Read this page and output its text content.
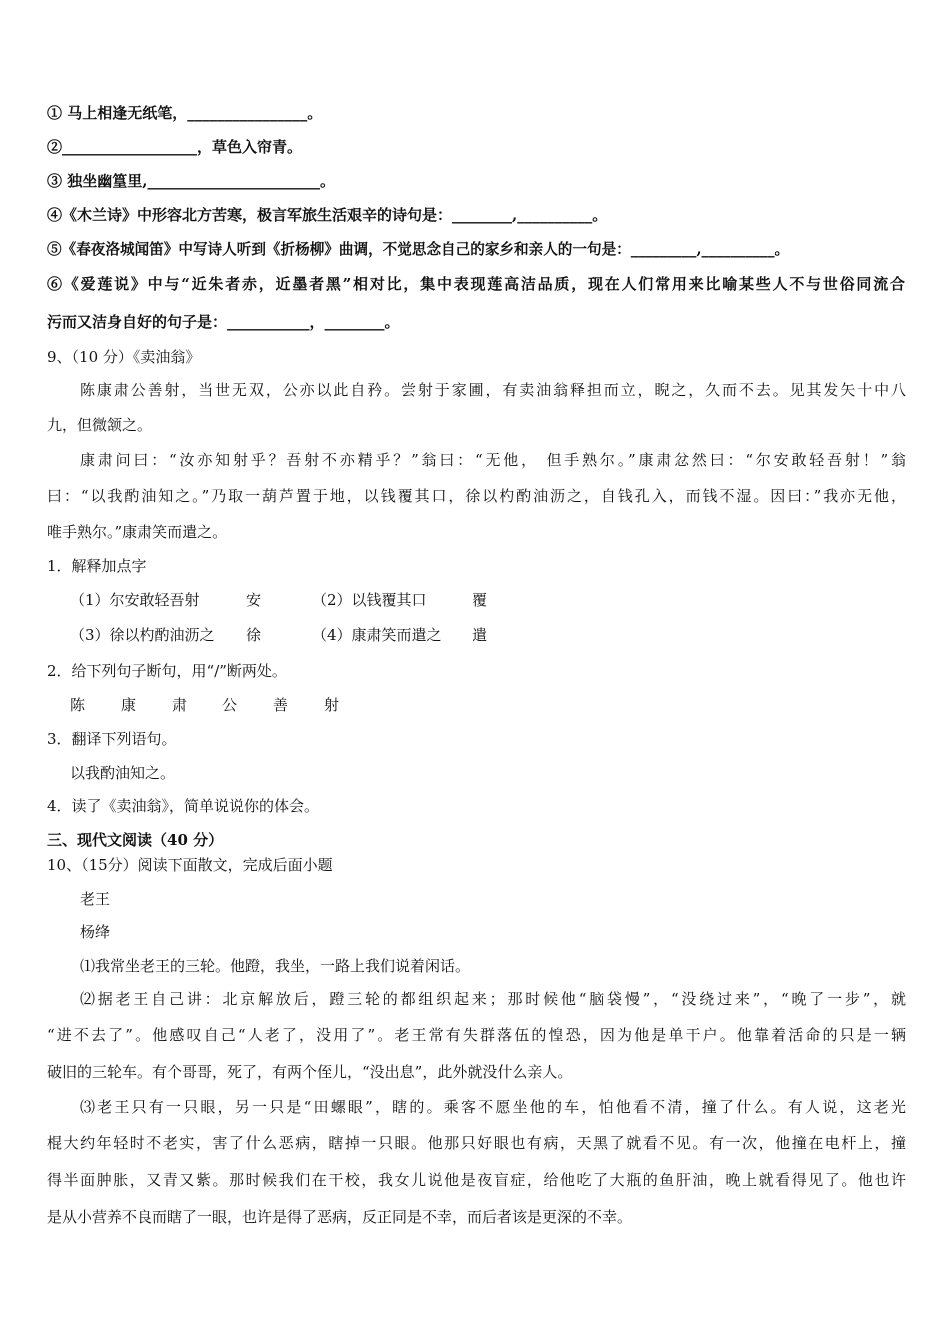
① 马上相逢无纸笔，________________。
②__________________，草色入帘青。
③ 独坐幽篁里,_______________________。
④《木兰诗》中形容北方苦寒，极言军旅生活艰辛的诗句是：________,__________。
⑤《春夜洛城闻笛》中写诗人听到《折杨柳》曲调，不觉思念自己的家乡和亲人的一句是：_________,__________。
⑥《爱莲说》中与“近朱者赤，近墨者黑”相对比，集中表现莲高洁品质，现在人们常用来比喻某些人不与世俗同流合
污而又洁身自好的句子是：___________，________。
9、（10 分）《卖油翁》
陈康肃公善射，当世无双，公亦以此自矜。尝射于家圃，有卖油翁释担而立，睨之，久而不去。见其发矢十中八
九，但微颔之。
康肃问曰：“汝亦知射乎？吾射不亦精乎？”翁曰：“无他， 但手熟尔。”康肃忿然曰：“尔安敢轻吾射！”翁
曰：“以我酌油知之。”乃取一葫芦置于地，以钱覆其口，徐以杓酌油沥之，自钱孔入，而钱不湿。因曰：”我亦无他，
唯手熟尔。”康肃笑而遣之。
1．解释加点字
（1）尔安敢轻吾射	安	（2）以钱覆其口	覆
（3）徐以杓酌油沥之 徐	（4）康肃笑而遣之 遣
2．给下列句子断句，用“/”断两处。
陈 康 肃 公 善 射
3．翻译下列语句。
以我酌油知之。
4．读了《卖油翁》，简单说说你的体会。
三、现代文阅读（40 分）
10、（15分）阅读下面散文，完成后面小题
老王
杨绛
⑴我常坐老王的三轮。他蹬，我坐，一路上我们说着闲话。
⑵据老王自己讲：北京解放后，蹬三轮的都组织起来；那时候他“脑袋慢”，“没绕过来”，“晚了一步”，就
“进不去了”。他感叹自己“人老了，没用了”。老王常有失群落伍的惶恐，因为他是单干户。他靠着活命的只是一辆
破旧的三轮车。有个哥哥，死了，有两个侄儿，“没出息”，此外就没什么亲人。
⑶老王只有一只眼，另一只是“田螺眼”，瞎的。乘客不愿坐他的车，怕他看不清，撞了什么。有人说，这老光
棍大约年轻时不老实，害了什么恶病，瞎掉一只眼。他那只好眼也有病，天黑了就看不见。有一次，他撞在电杆上，撞
得半面肿胀，又青又紫。那时候我们在干校，我女儿说他是夜盲症，给他吃了大瓶的鱼肝油，晚上就看得见了。他也许
是从小营养不良而瞎了一眼，也许是得了恶病，反正同是不幸，而后者该是更深的不幸。
